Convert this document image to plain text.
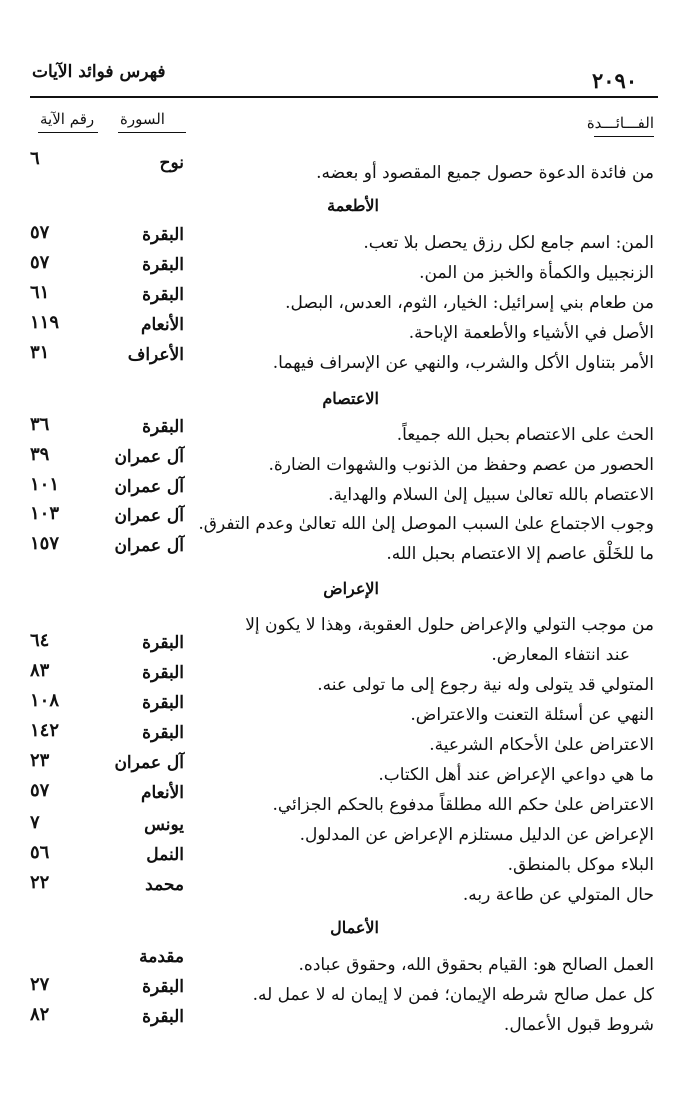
فهرس فوائد الآيات	٢٠٩٠
الفـــائـــدة
السورة
رقم الآية
من فائدة الدعوة حصول جميع المقصود أو بعضه.
نوح
٦
الأطعمة
المن: اسم جامع لكل رزق يحصل بلا تعب.
البقرة
٥٧
الزنجبيل والكمأة والخبز من المن.
البقرة
٥٧
من طعام بني إسرائيل: الخيار، الثوم، العدس، البصل.
البقرة
٦١
الأصل في الأشياء والأطعمة الإباحة.
الأنعام
١١٩
الأمر بتناول الأكل والشرب، والنهي عن الإسراف فيهما.
الأعراف
٣١
الاعتصام
الحث على الاعتصام بحبل الله جميعاً.
البقرة
٣٦
الحصور من عصم وحفظ من الذنوب والشهوات الضارة.
آل عمران
٣٩
الاعتصام بالله تعالىٰ سبيل إلىٰ السلام والهداية.
آل عمران
١٠١
وجوب الاجتماع علىٰ السبب الموصل إلىٰ الله تعالىٰ وعدم التفرق.
آل عمران
١٠٣
ما للخَلْق عاصم إلا الاعتصام بحبل الله.
آل عمران
١٥٧
الإعراض
من موجب التولي والإعراض حلول العقوبة، وهذا لا يكون إلا
عند انتفاء المعارض.
البقرة
٦٤
المتولي قد يتولى وله نية رجوع إلى ما تولى عنه.
البقرة
٨٣
النهي عن أسئلة التعنت والاعتراض.
البقرة
١٠٨
الاعتراض علىٰ الأحكام الشرعية.
البقرة
١٤٢
ما هي دواعي الإعراض عند أهل الكتاب.
آل عمران
٢٣
الاعتراض علىٰ حكم الله مطلقاً مدفوع بالحكم الجزائي.
الأنعام
٥٧
الإعراض عن الدليل مستلزم الإعراض عن المدلول.
يونس
٧
البلاء موكل بالمنطق.
النمل
٥٦
حال المتولي عن طاعة ربه.
محمد
٢٢
الأعمال
العمل الصالح هو: القيام بحقوق الله، وحقوق عباده.
مقدمة
كل عمل صالح شرطه الإيمان؛ فمن لا إيمان له لا عمل له.
البقرة
٢٧
شروط قبول الأعمال.
البقرة
٨٢
